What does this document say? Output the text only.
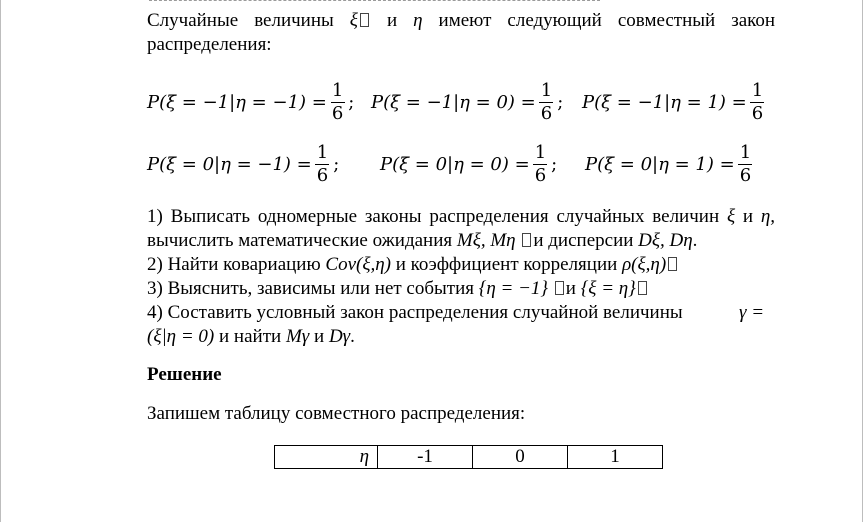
Случайные величины ξ и η имеют следующий совместный закон
распределения:
$P(\xi = -1|\eta = -1) = \frac{1}{6}$ ; $P(\xi = -1|\eta = 0) = \frac{1}{6}$ ; $P(\xi = -1|\eta = 1) = \frac{1}{6}$
$P(\xi = 0|\eta = -1) = \frac{1}{6}$ ; $P(\xi = 0|\eta = 0) = \frac{1}{6}$ ; $P(\xi = 0|\eta = 1) = \frac{1}{6}$
1) Выписать одномерные законы распределения случайных величин ξ и η,
вычислить математические ожидания Mξ, Mη и дисперсии Dξ, Dη.
2) Найти ковариацию Cov(ξ,η) и коэффициент корреляции ρ(ξ,η)
3) Выяснить, зависимы или нет события {η = −1} и {ξ = η}
4) Составить условный закон распределения случайной величины	γ =
(ξ|η = 0) и найти Mγ и Dγ.
Решение
Запишем таблицу совместного распределения:
η	-1	0	1
